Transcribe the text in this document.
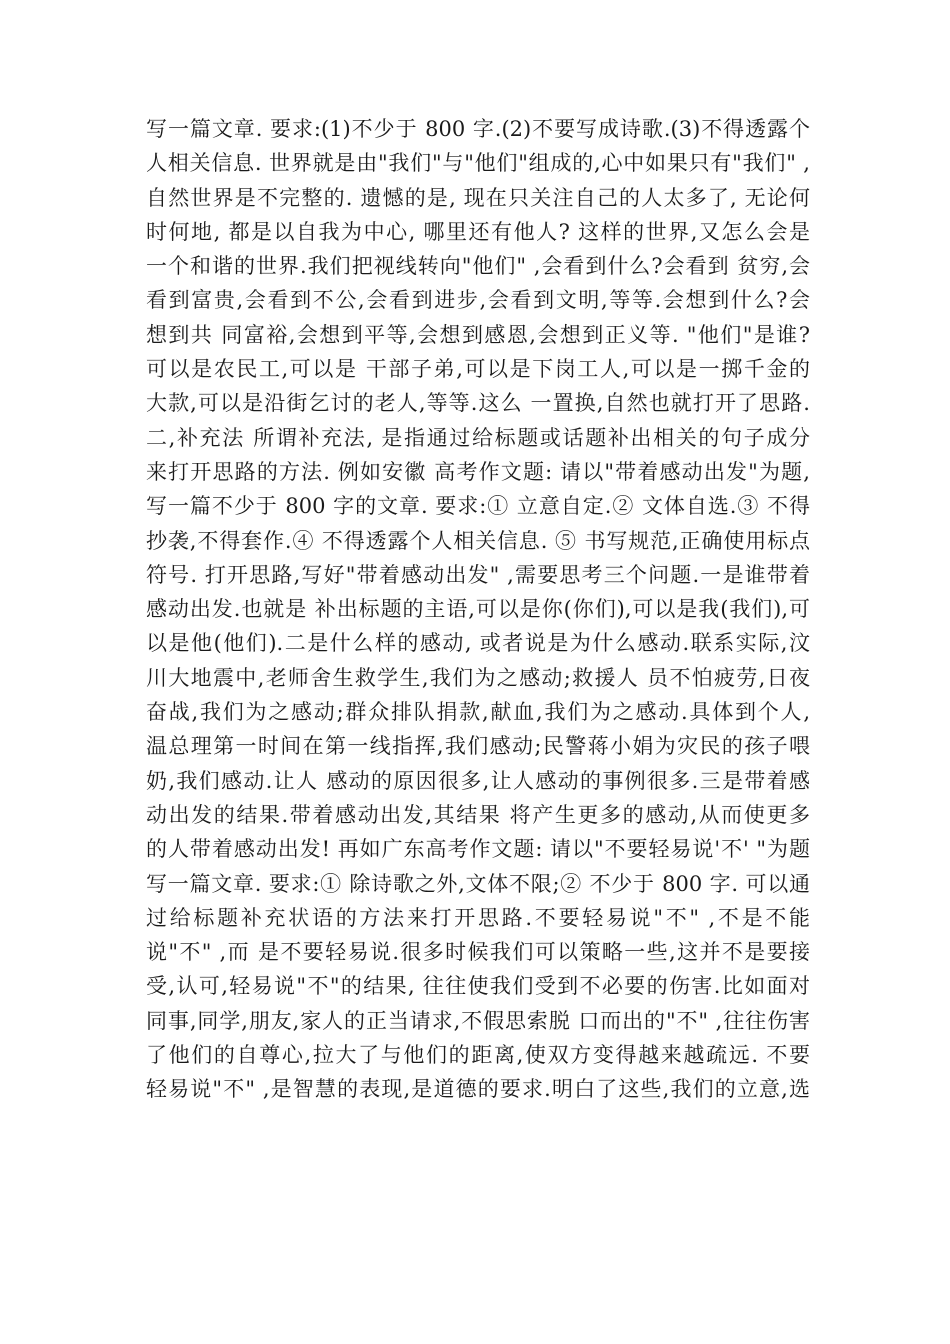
写一篇文章. 要求:(1)不少于 800 字.(2)不要写成诗歌.(3)不得透露个
人相关信息. 世界就是由"我们"与"他们"组成的,心中如果只有"我们" ,
自然世界是不完整的. 遗憾的是, 现在只关注自己的人太多了, 无论何
时何地, 都是以自我为中心, 哪里还有他人? 这样的世界,又怎么会是
一个和谐的世界.我们把视线转向"他们" ,会看到什么?会看到 贫穷,会
看到富贵,会看到不公,会看到进步,会看到文明,等等.会想到什么?会
想到共 同富裕,会想到平等,会想到感恩,会想到正义等. "他们"是谁?
可以是农民工,可以是 干部子弟,可以是下岗工人,可以是一掷千金的
大款,可以是沿街乞讨的老人,等等.这么 一置换,自然也就打开了思路.
二,补充法 所谓补充法, 是指通过给标题或话题补出相关的句子成分
来打开思路的方法. 例如安徽 高考作文题: 请以"带着感动出发"为题,
写一篇不少于 800 字的文章. 要求:① 立意自定.② 文体自选.③ 不得
抄袭,不得套作.④ 不得透露个人相关信息. ⑤ 书写规范,正确使用标点
符号. 打开思路,写好"带着感动出发" ,需要思考三个问题.一是谁带着
感动出发.也就是 补出标题的主语,可以是你(你们),可以是我(我们),可
以是他(他们).二是什么样的感动, 或者说是为什么感动.联系实际,汶
川大地震中,老师舍生救学生,我们为之感动;救援人 员不怕疲劳,日夜
奋战,我们为之感动;群众排队捐款,献血,我们为之感动.具体到个人,
温总理第一时间在第一线指挥,我们感动;民警蒋小娟为灾民的孩子喂
奶,我们感动.让人 感动的原因很多,让人感动的事例很多.三是带着感
动出发的结果.带着感动出发,其结果 将产生更多的感动,从而使更多
的人带着感动出发! 再如广东高考作文题: 请以"不要轻易说'不' "为题
写一篇文章. 要求:① 除诗歌之外,文体不限;② 不少于 800 字. 可以通
过给标题补充状语的方法来打开思路.不要轻易说"不" ,不是不能
说"不" ,而 是不要轻易说.很多时候我们可以策略一些,这并不是要接
受,认可,轻易说"不"的结果, 往往使我们受到不必要的伤害.比如面对
同事,同学,朋友,家人的正当请求,不假思索脱 口而出的"不" ,往往伤害
了他们的自尊心,拉大了与他们的距离,使双方变得越来越疏远. 不要
轻易说"不" ,是智慧的表现,是道德的要求.明白了这些,我们的立意,选
